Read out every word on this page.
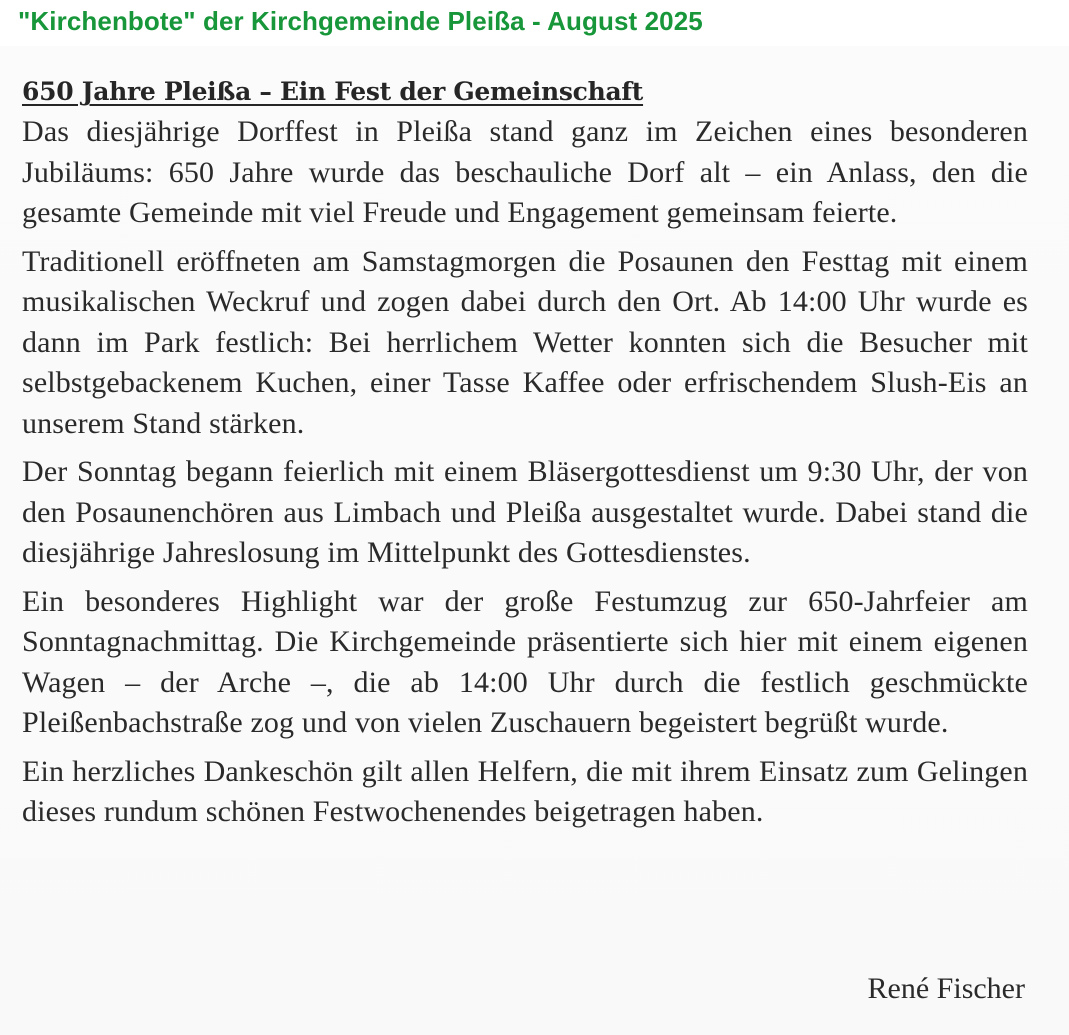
"Kirchenbote" der Kirchgemeinde Pleißa - August 2025
650 Jahre Pleißa – Ein Fest der Gemeinschaft

Das diesjährige Dorffest in Pleißa stand ganz im Zeichen eines besonderen Jubiläums: 650 Jahre wurde das beschauliche Dorf alt – ein Anlass, den die gesamte Gemeinde mit viel Freude und Engagement gemeinsam feierte.

Traditionell eröffneten am Samstagmorgen die Posaunen den Festtag mit einem musikalischen Weckruf und zogen dabei durch den Ort. Ab 14:00 Uhr wurde es dann im Park festlich: Bei herrlichem Wetter konnten sich die Besucher mit selbstgebackenem Kuchen, einer Tasse Kaffee oder erfrischendem Slush-Eis an unserem Stand stärken.

Der Sonntag begann feierlich mit einem Bläsergottesdienst um 9:30 Uhr, der von den Posaunenchören aus Limbach und Pleißa ausgestaltet wurde. Dabei stand die diesjährige Jahreslosung im Mittelpunkt des Gottesdienstes.

Ein besonderes Highlight war der große Festumzug zur 650-Jahrfeier am Sonntagnachmittag. Die Kirchgemeinde präsentierte sich hier mit einem eigenen Wagen – der Arche –, die ab 14:00 Uhr durch die festlich geschmückte Pleißenbachstraße zog und von vielen Zuschauern begeistert begrüßt wurde.

Ein herzliches Dankeschön gilt allen Helfern, die mit ihrem Einsatz zum Gelingen dieses rundum schönen Festwochenendes beigetragen haben.

René Fischer
